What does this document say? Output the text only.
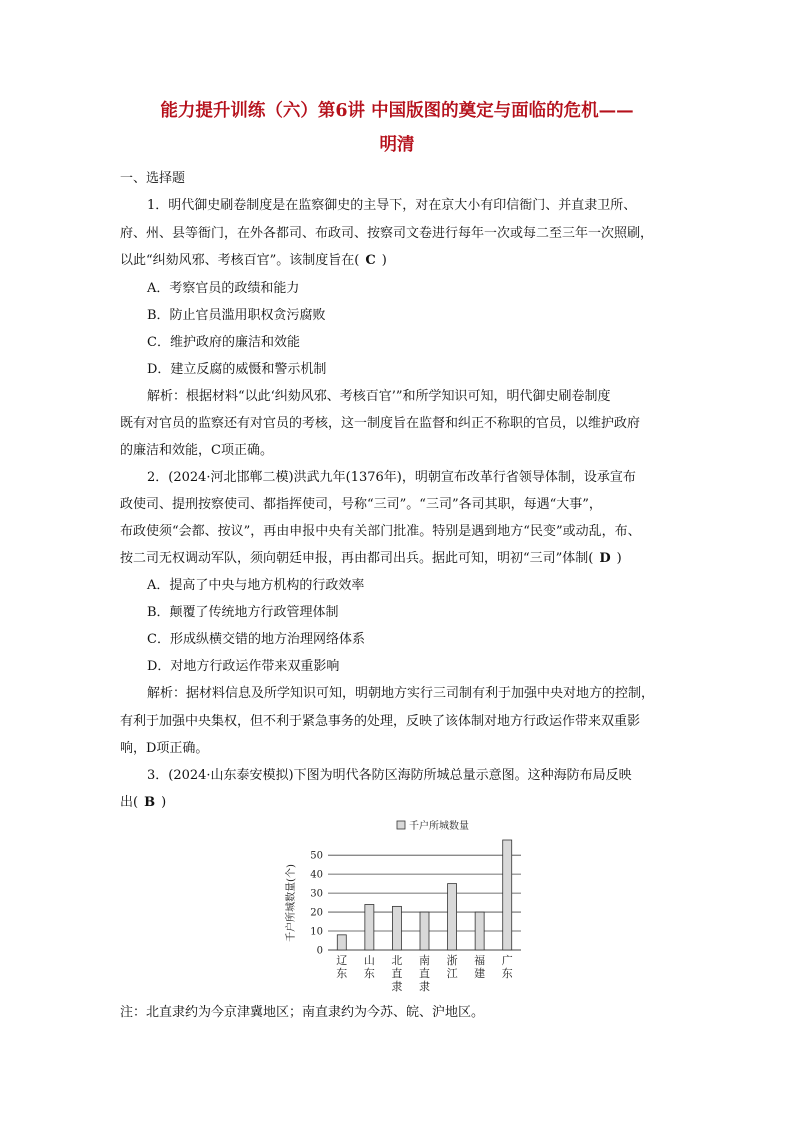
能力提升训练（六）第6讲 中国版图的奠定与面临的危机——
明清
一、选择题
1．明代御史刷卷制度是在监察御史的主导下，对在京大小有印信衙门、并直隶卫所、
府、州、县等衙门，在外各都司、布政司、按察司文卷进行每年一次或每二至三年一次照刷，
以此“纠劾风邪、考核百官”。该制度旨在( C )
A．考察官员的政绩和能力
B．防止官员滥用职权贪污腐败
C．维护政府的廉洁和效能
D．建立反腐的威慑和警示机制
解析：根据材料“以此‘纠劾风邪、考核百官’”和所学知识可知，明代御史刷卷制度
既有对官员的监察还有对官员的考核，这一制度旨在监督和纠正不称职的官员，以维护政府
的廉洁和效能，C项正确。
2．(2024·河北邯郸二模)洪武九年(1376年)，明朝宣布改革行省领导体制，设承宣布
政使司、提刑按察使司、都指挥使司，号称“三司”。“三司”各司其职，每遇“大事”，
布政使须“会都、按议”，再由申报中央有关部门批准。特别是遇到地方“民变”或动乱，布、
按二司无权调动军队，须向朝廷申报，再由都司出兵。据此可知，明初“三司”体制( D )
A．提高了中央与地方机构的行政效率
B．颠覆了传统地方行政管理体制
C．形成纵横交错的地方治理网络体系
D．对地方行政运作带来双重影响
解析：据材料信息及所学知识可知，明朝地方实行三司制有利于加强中央对地方的控制，
有利于加强中央集权，但不利于紧急事务的处理，反映了该体制对地方行政运作带来双重影
响，D项正确。
3．(2024·山东泰安模拟)下图为明代各防区海防所城总量示意图。这种海防布局反映
出( B )
千户所城数量
千户所城数量(个)
0
10
20
30
40
50
辽
东
山
东
北
直
隶
南
直
隶
浙
江
福
建
广
东
注：北直隶约为今京津冀地区；南直隶约为今苏、皖、沪地区。
